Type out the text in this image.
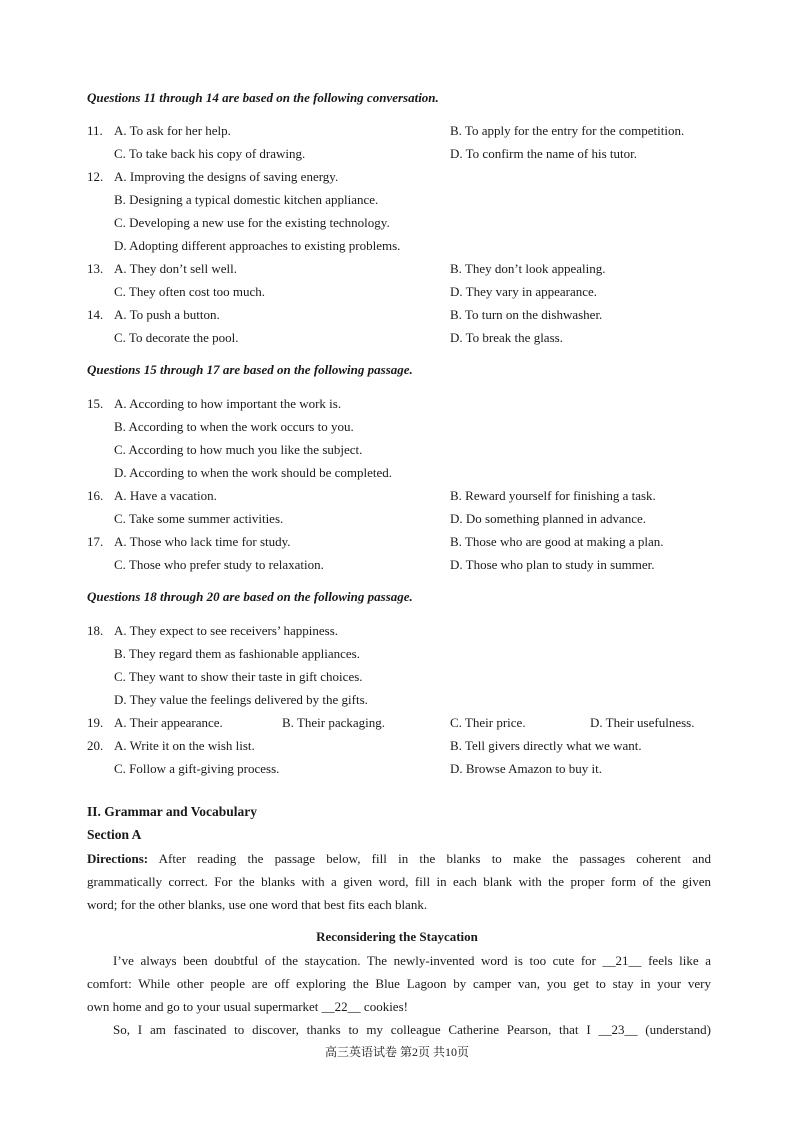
Questions 11 through 14 are based on the following conversation.
11. A. To ask for her help.	B. To apply for the entry for the competition.
C. To take back his copy of drawing.	D. To confirm the name of his tutor.
12. A. Improving the designs of saving energy.
B. Designing a typical domestic kitchen appliance.
C. Developing a new use for the existing technology.
D. Adopting different approaches to existing problems.
13. A. They don’t sell well.	B. They don’t look appealing.
C. They often cost too much.	D. They vary in appearance.
14. A. To push a button.	B. To turn on the dishwasher.
C. To decorate the pool.	D. To break the glass.
Questions 15 through 17 are based on the following passage.
15. A. According to how important the work is.
B. According to when the work occurs to you.
C. According to how much you like the subject.
D. According to when the work should be completed.
16. A. Have a vacation.	B. Reward yourself for finishing a task.
C. Take some summer activities.	D. Do something planned in advance.
17. A. Those who lack time for study.	B. Those who are good at making a plan.
C. Those who prefer study to relaxation.	D. Those who plan to study in summer.
Questions 18 through 20 are based on the following passage.
18. A. They expect to see receivers’ happiness.
B. They regard them as fashionable appliances.
C. They want to show their taste in gift choices.
D. They value the feelings delivered by the gifts.
19. A. Their appearance.	B. Their packaging.	C. Their price.	D. Their usefulness.
20. A. Write it on the wish list.	B. Tell givers directly what we want.
C. Follow a gift-giving process.	D. Browse Amazon to buy it.
II. Grammar and Vocabulary
Section A
Directions: After reading the passage below, fill in the blanks to make the passages coherent and
grammatically correct. For the blanks with a given word, fill in each blank with the proper form of the given
word; for the other blanks, use one word that best fits each blank.
Reconsidering the Staycation
I’ve always been doubtful of the staycation. The newly-invented word is too cute for __21__ feels like a
comfort: While other people are off exploring the Blue Lagoon by camper van, you get to stay in your very
own home and go to your usual supermarket __22__ cookies!
So, I am fascinated to discover, thanks to my colleague Catherine Pearson, that I __23__ (understand)
高三英语试卷 第2页 共10页
